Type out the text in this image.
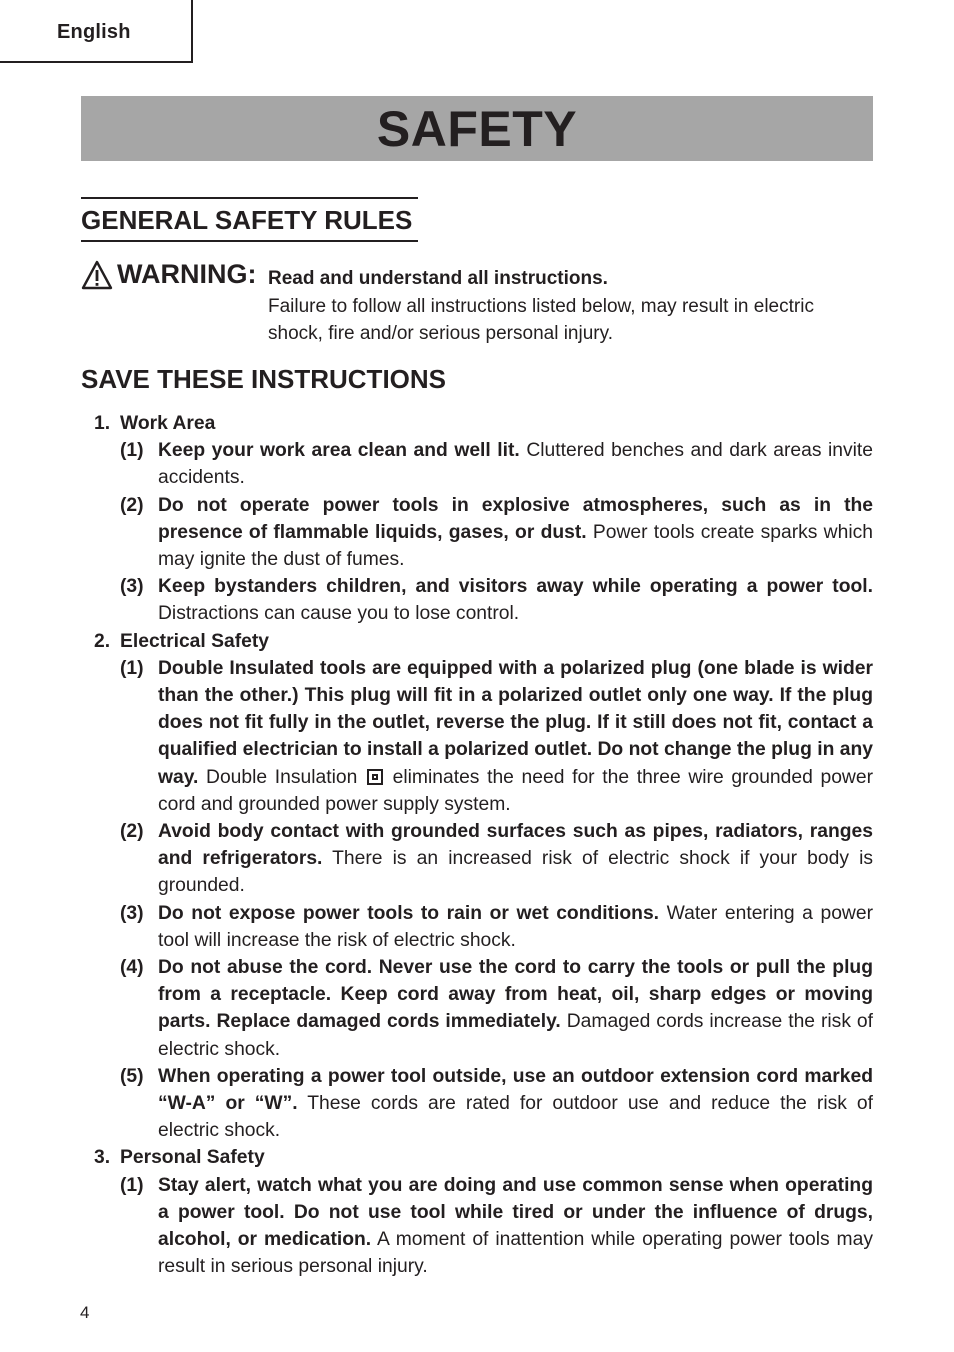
English
SAFETY
GENERAL SAFETY RULES
WARNING: Read and understand all instructions.
Failure to follow all instructions listed below, may result in electric shock, fire and/or serious personal injury.
SAVE THESE INSTRUCTIONS
1. Work Area
(1) Keep your work area clean and well lit. Cluttered benches and dark areas invite accidents.
(2) Do not operate power tools in explosive atmospheres, such as in the presence of flammable liquids, gases, or dust. Power tools create sparks which may ignite the dust of fumes.
(3) Keep bystanders children, and visitors away while operating a power tool. Distractions can cause you to lose control.
2. Electrical Safety
(1) Double Insulated tools are equipped with a polarized plug (one blade is wider than the other.) This plug will fit in a polarized outlet only one way. If the plug does not fit fully in the outlet, reverse the plug. If it still does not fit, contact a qualified electrician to install a polarized outlet. Do not change the plug in any way. Double Insulation  eliminates the need for the three wire grounded power cord and grounded power supply system.
(2) Avoid body contact with grounded surfaces such as pipes, radiators, ranges and refrigerators. There is an increased risk of electric shock if your body is grounded.
(3) Do not expose power tools to rain or wet conditions. Water entering a power tool will increase the risk of electric shock.
(4) Do not abuse the cord. Never use the cord to carry the tools or pull the plug from a receptacle. Keep cord away from heat, oil, sharp edges or moving parts. Replace damaged cords immediately. Damaged cords increase the risk of electric shock.
(5) When operating a power tool outside, use an outdoor extension cord marked “W-A” or “W”. These cords are rated for outdoor use and reduce the risk of electric shock.
3. Personal Safety
(1) Stay alert, watch what you are doing and use common sense when operating a power tool. Do not use tool while tired or under the influence of drugs, alcohol, or medication. A moment of inattention while operating power tools may result in serious personal injury.
4
